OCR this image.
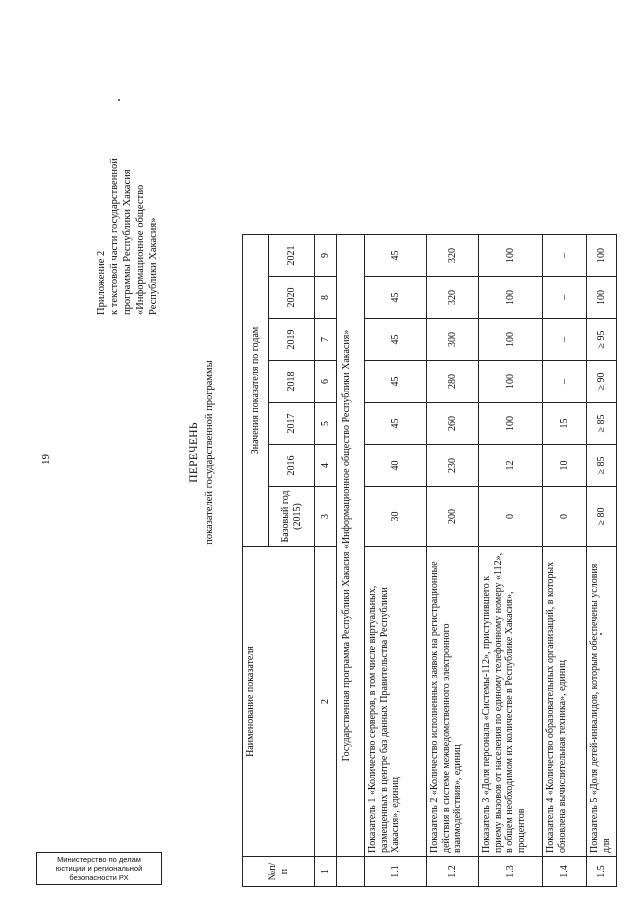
19
Приложение 2 к текстовой части государственной программы Республики Хакасия «Информационное общество Республики Хакасия»
ПЕРЕЧЕНЬ показателей государственной программы
№п/п	Наименование показателя	Значения показателя по годам						
		Базовый год (2015)	2016	2017	2018	2019	2020	2021
1	2	3	4	5	6	7	8	9
	Государственная программа Республики Хакасия «Информационное общество Республики Хакасия»							
1.1	Показатель 1 «Количество серверов, в том числе виртуальных, размещенных в центре баз данных Правительства Республики Хакасия», единиц	30	40	45	45	45	45	45
1.2	Показатель 2 «Количество исполненных заявок на регистрационные действия в системе межведомственного электронного взаимодействия», единиц	200	230	260	280	300	320	320
1.3	Показатель 3 «Доля персонала «Системы-112», приступившего к приему вызовов от населения по единому телефонному номеру «112», в общем необходимом их количестве в Республике Хакасия», процентов	0	12	100	100	100	100	100
1.4	Показатель 4 «Количество образовательных организаций, в которых обновлена вычислительная техника», единиц	0	10	15	–	–	–	–
1.5	Показатель 5 «Доля детей-инвалидов, которым обеспечены условия для	≥ 80	≥ 85	≥ 85	≥ 90	≥ 95	100	100
Министерство по делам
юстиции и региональной
безопасности РХ
